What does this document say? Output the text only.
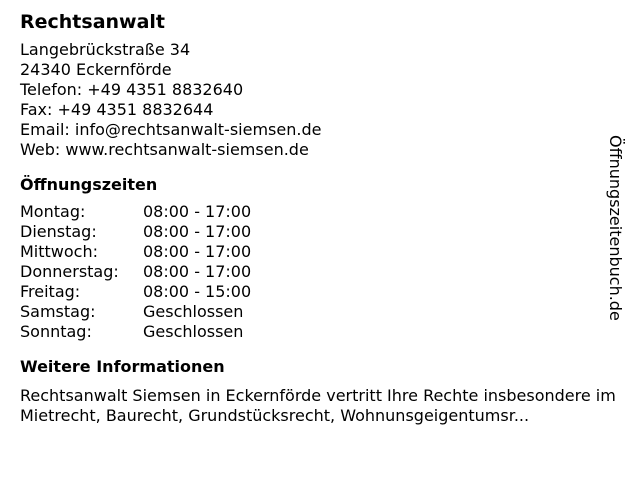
Rechtsanwalt
Langebrückstraße 34
24340 Eckernförde
Telefon: +49 4351 8832640
Fax: +49 4351 8832644
Email: info@rechtsanwalt-siemsen.de
Web: www.rechtsanwalt-siemsen.de
Öffnungszeiten
Montag:	08:00 - 17:00
Dienstag:	08:00 - 17:00
Mittwoch:	08:00 - 17:00
Donnerstag:	08:00 - 17:00
Freitag:	08:00 - 15:00
Samstag:	Geschlossen
Sonntag:	Geschlossen
Weitere Informationen
Rechtsanwalt Siemsen in Eckernförde vertritt Ihre Rechte insbesondere im Mietrecht, Baurecht, Grundstücksrecht, Wohnunsgeigentumsr...
Öffnungszeitenbuch.de
